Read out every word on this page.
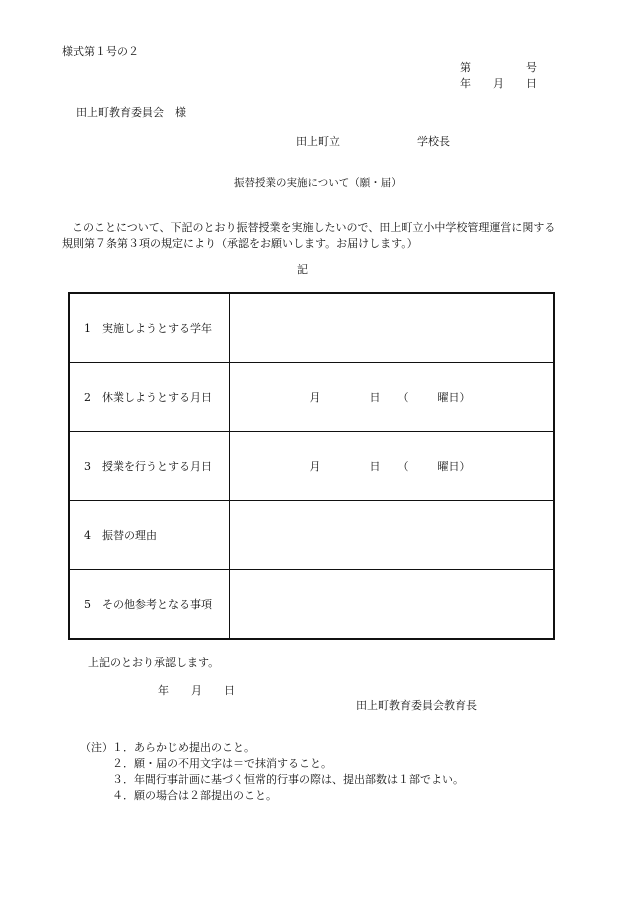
様式第１号の２
第　　　　　号
年　　月　　日
田上町教育委員会　様
田上町立　　　　　　　学校長
振替授業の実施について（願・届）
このことについて、下記のとおり振替授業を実施したいので、田上町立小中学校管理運営に関する規則第７条第３項の規定により（承認をお願いします。お届けします。）
記
1　実施しようとする学年	
2　休業しようとする月日	月 日 （ 曜日）

3　授業を行うとする月日	月 日 （ 曜日）

4　振替の理由	
5　その他参考となる事項	
上記のとおり承認します。
年　　月　　日
田上町教育委員会教育長
（注） １．あらかじめ提出のこと。
２．願・届の不用文字は＝で抹消すること。
３．年間行事計画に基づく恒常的行事の際は、提出部数は１部でよい。
４．願の場合は２部提出のこと。
